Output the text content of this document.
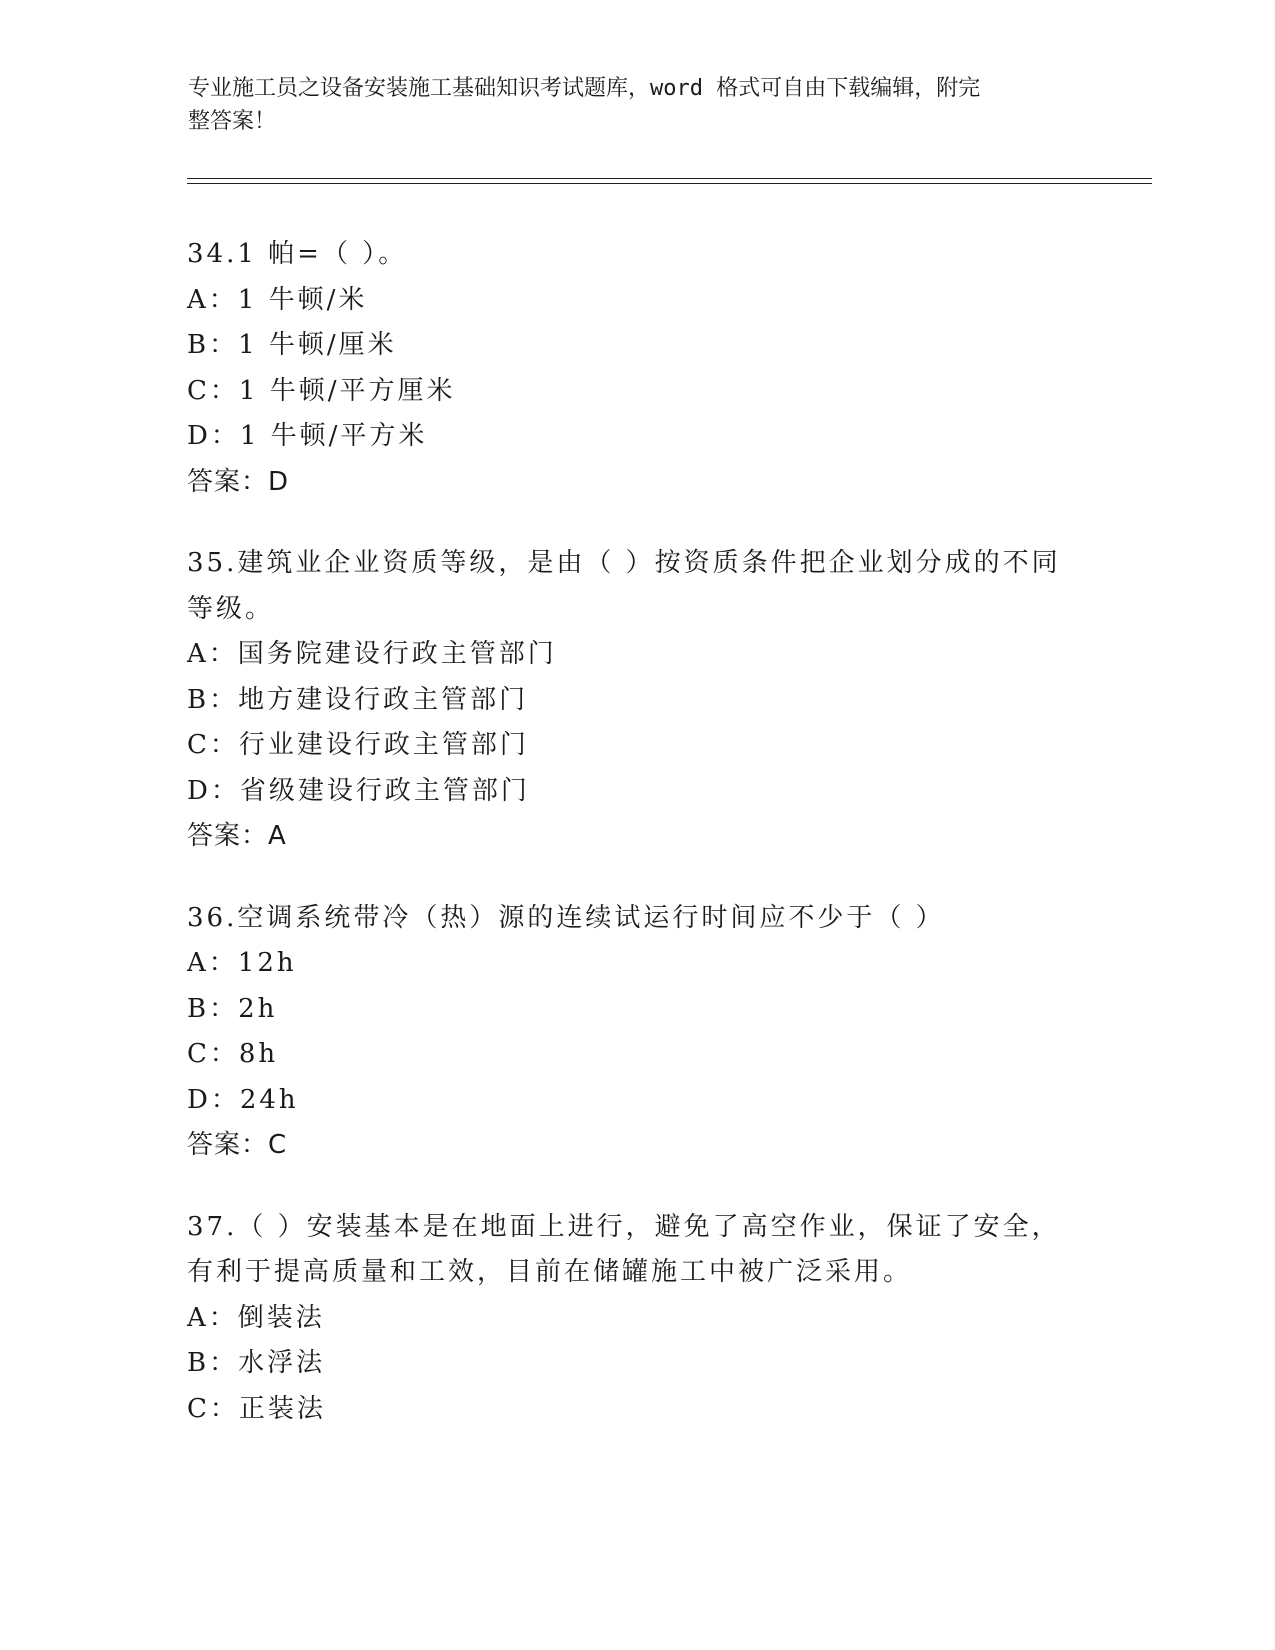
专业施工员之设备安装施工基础知识考试题库，word 格式可自由下载编辑，附完
整答案！
34.1 帕=（ ）。
A：1 牛顿/米
B：1 牛顿/厘米
C：1 牛顿/平方厘米
D：1 牛顿/平方米
答案：D
35.建筑业企业资质等级，是由（ ）按资质条件把企业划分成的不同
等级。
A：国务院建设行政主管部门
B：地方建设行政主管部门
C：行业建设行政主管部门
D：省级建设行政主管部门
答案：A
36.空调系统带冷（热）源的连续试运行时间应不少于（ ）
A：12h
B：2h
C：8h
D：24h
答案：C
37.（ ）安装基本是在地面上进行，避免了高空作业，保证了安全，
有利于提高质量和工效，目前在储罐施工中被广泛采用。
A：倒装法
B：水浮法
C：正装法
